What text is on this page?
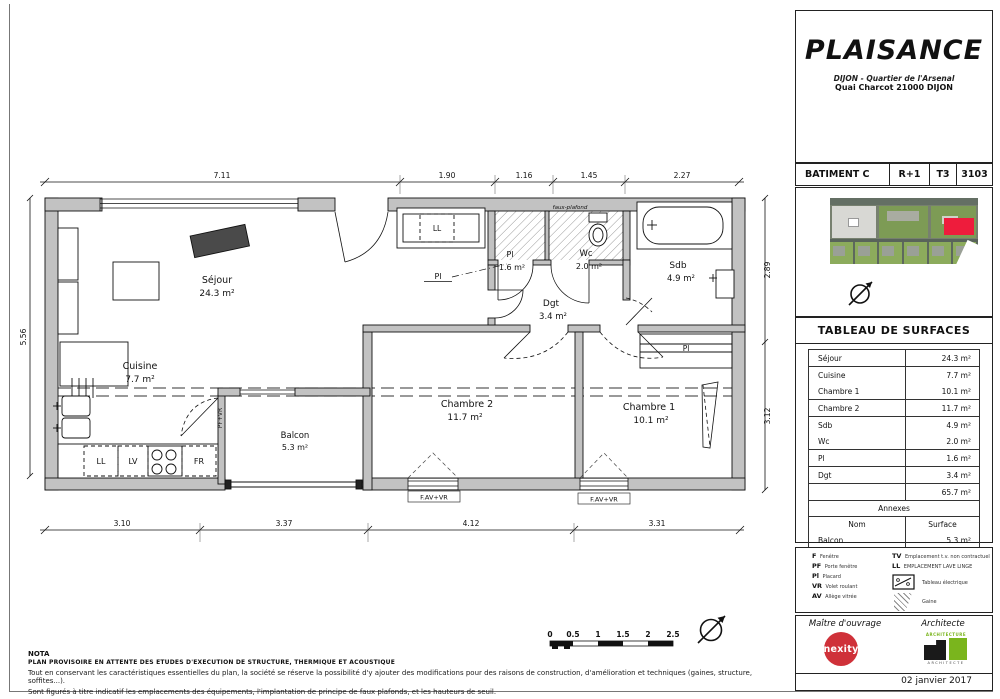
PLAISANCE
DIJON - Quartier de l'Arsenal
Quai Charcot 21000 DIJON
BATIMENT C	R+1	T3	3103
TABLEAU DE SURFACES
Séjour	24.3 m²
Cuisine	7.7 m²
Chambre 1	10.1 m²
Chambre 2	11.7 m²
Sdb	4.9 m²
Wc	2.0 m²
Pl	1.6 m²
Dgt	3.4 m²
65.7 m²
Annexes
Nom	Surface
Balcon	5.3 m²
F Fenêtre
PF Porte fenêtre
Pl Placard
VR Volet roulant
AV Allège vitrée
TV Emplacement t.v. non contractuel
LL EMPLACEMENT LAVE LINGE
Tableau électrique
Gaine
Maître d'ouvrage	Architecte
nexity
ARCHITECTURE
ARCHITECTE
02 janvier 2017
Séjour
24.3 m²
Cuisine
7.7 m²
Pl
1.6 m²
Wc
2.0 m²	Sdb
4.9 m²
Dgt
3.4 m²
Chambre 2
11.7 m²
Chambre 1
10.1 m²
Balcon
5.3 m²
faux-plafond
LL
Pl
Pl
PF+VR
F.AV+VR	F.AV+VR
LL	LV	FR
7.11	1.90	1.16	1.45	2.27
3.10	3.37	4.12	3.31
5.56
2.89
3.12
0 0.5 1 1.5 2 2.5
NOTA
PLAN PROVISOIRE EN ATTENTE DES ETUDES D'EXECUTION DE STRUCTURE, THERMIQUE ET ACOUSTIQUE
Tout en conservant les caractéristiques essentielles du plan, la société se réserve la possibilité d'y ajouter des modifications pour des raisons de construction, d'amélioration et techniques (gaines, structure, soffites...).
Sont figurés à titre indicatif les emplacements des équipements, l'implantation de principe de faux plafonds, et les hauteurs de seuil.
